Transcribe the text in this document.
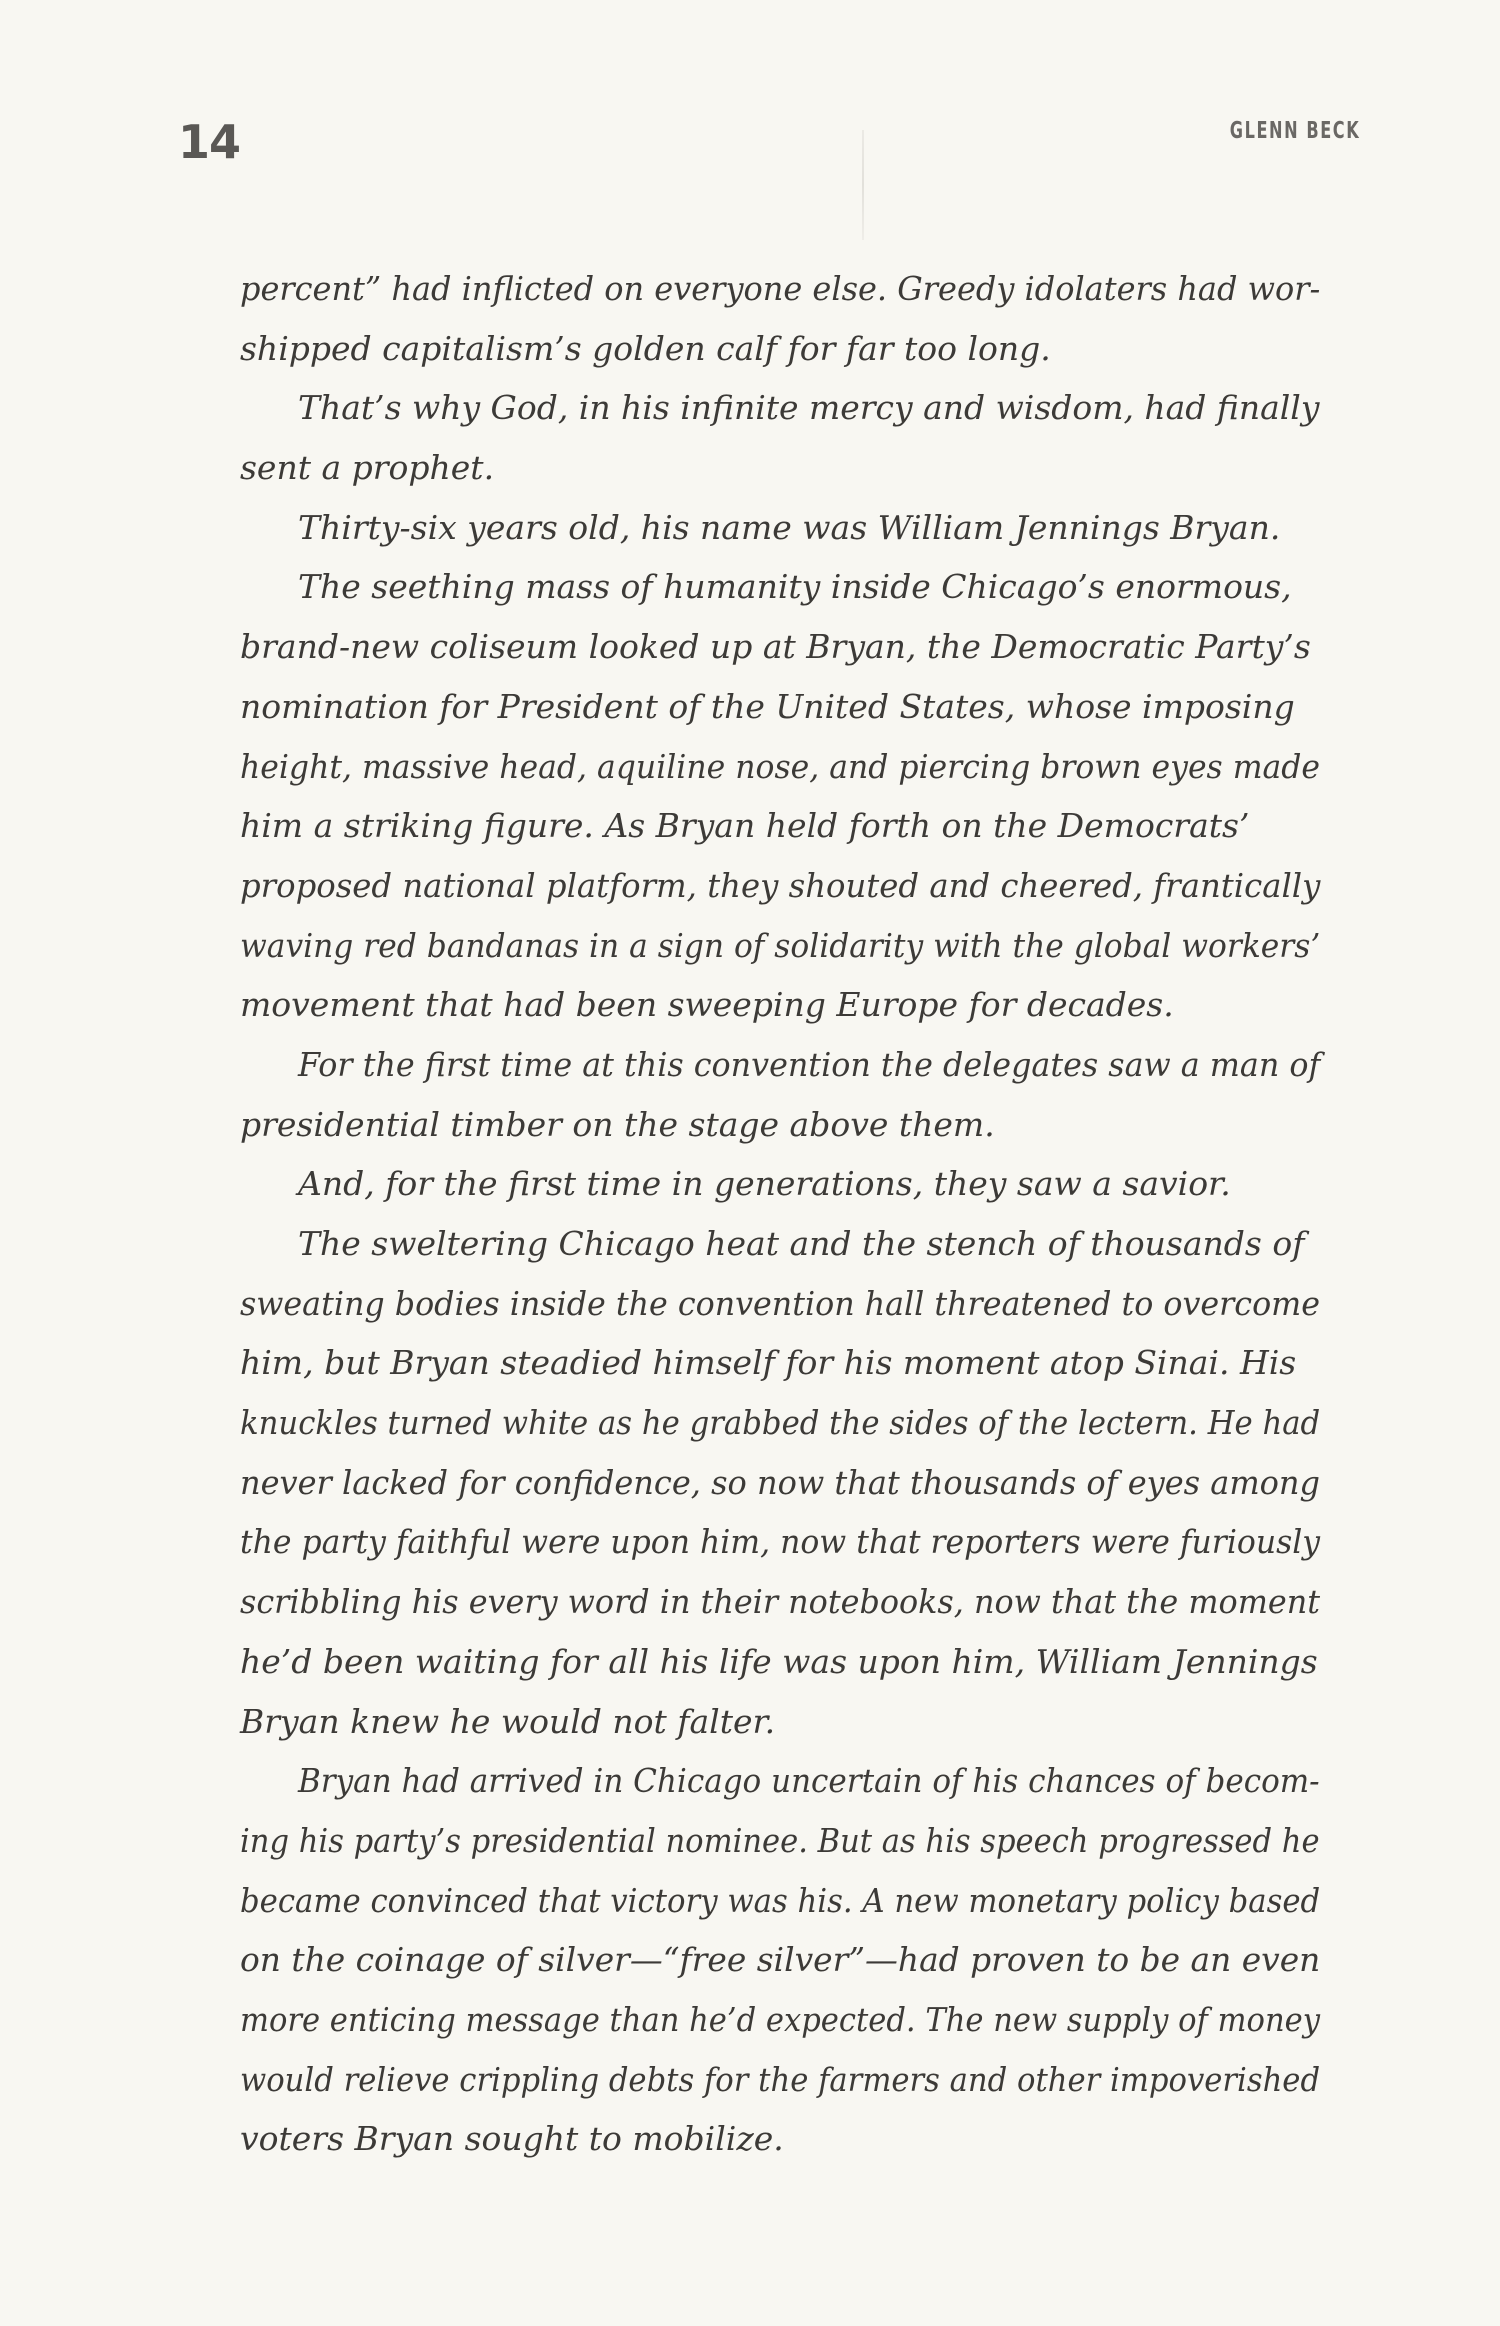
14	GLENN BECK
percent” had inflicted on everyone else. Greedy idolaters had wor-
shipped capitalism’s golden calf for far too long.
That’s why God, in his infinite mercy and wisdom, had finally
sent a prophet.
Thirty-six years old, his name was William Jennings Bryan.
The seething mass of humanity inside Chicago’s enormous,
brand-new coliseum looked up at Bryan, the Democratic Party’s
nomination for President of the United States, whose imposing
height, massive head, aquiline nose, and piercing brown eyes made
him a striking figure. As Bryan held forth on the Democrats’
proposed national platform, they shouted and cheered, frantically
waving red bandanas in a sign of solidarity with the global workers’
movement that had been sweeping Europe for decades.
For the first time at this convention the delegates saw a man of
presidential timber on the stage above them.
And, for the first time in generations, they saw a savior.
The sweltering Chicago heat and the stench of thousands of
sweating bodies inside the convention hall threatened to overcome
him, but Bryan steadied himself for his moment atop Sinai. His
knuckles turned white as he grabbed the sides of the lectern. He had
never lacked for confidence, so now that thousands of eyes among
the party faithful were upon him, now that reporters were furiously
scribbling his every word in their notebooks, now that the moment
he’d been waiting for all his life was upon him, William Jennings
Bryan knew he would not falter.
Bryan had arrived in Chicago uncertain of his chances of becom-
ing his party’s presidential nominee. But as his speech progressed he
became convinced that victory was his. A new monetary policy based
on the coinage of silver—“free silver”—had proven to be an even
more enticing message than he’d expected. The new supply of money
would relieve crippling debts for the farmers and other impoverished
voters Bryan sought to mobilize.
